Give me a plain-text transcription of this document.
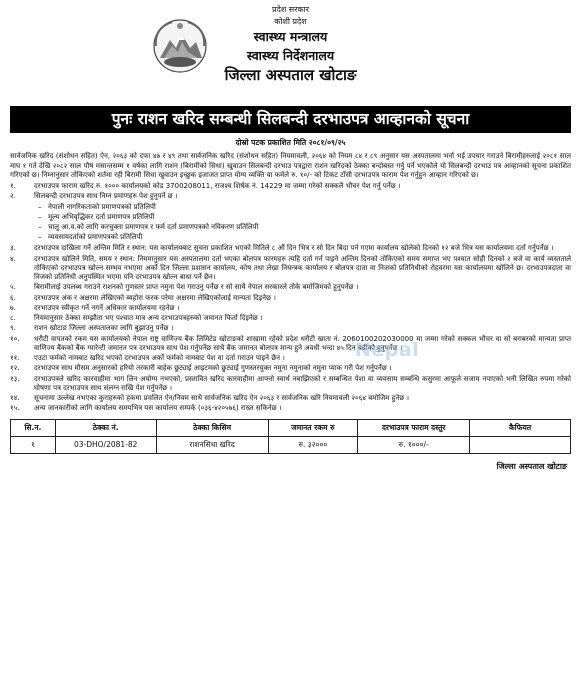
प्रदेश सरकार
कोशी प्रदेश
स्वास्थ्य मन्त्रालय
स्वास्थ्य निर्देशनालय
जिल्ला अस्पताल खोटाङ
पुनः राशन खरिद सम्बन्धी सिलबन्दी दरभाउपत्र आव्हानको सूचना
दोस्रो पटक प्रकाशित मिति २०८१/०९/२५
सार्वजनिक खरिद (संशोधन सहित) ऐन, २०६३ को दफा ४७ र ४९ तथा सार्वजनिक खरिद (संशोधन सहित) नियमावली, २०६४ को नियम ८४ र ८९ अनुसार यस अस्पतालमा भर्ना भई उपचार गराउने बिरामीहरुलाई २०८१ साल माघ १ गते देखि २०८२ साल पौष मसान्तसम्म १ वर्षका लागि राशन (बिरामीको सिधा) खुवाउन सिलबन्दी दरभाउ पत्रद्वारा राशन खरिदको ठेक्का बन्दोबस्त गर्नु पर्ने भएकोले यो सिलबन्दी दरभाउ पत्र आव्हानको सूचना प्रकाशित गरिएको छ। निम्नानुसार तोकिएको शर्तमा रही बिरामी सिधा खुवाउन इच्छुक इजाजत प्राप्त योग्य व्यक्ति वा फर्मले रु. १०/- को टिकट टाँसी दरभाउपत्र फाराम पेश गर्नुहुन आव्हान गरिएको छ।
१.	दरभाउपत्र फाराम खरिद रु. १००० कार्यालयको कोड 3700208011, राजश्व शिर्षक नं. 14229 मा जम्मा गरेको सक्कलै भौचर पेश गर्नु पर्नेछ ।
२.	सिलबन्दी दरभाउपत्र साथ निम्न प्रमाणहरु पेश हुनुपर्ने छ ।
– नेपाली नागरिकताको प्रमाणपत्रको प्रतिलिपी
– मूल्य अभिवृद्धिकर दर्ता प्रमाणपत्र प्रतिलिपी
– चालु आ.व.को लागि करचुक्ता प्रमाणपत्र र फर्म दर्ता प्रमाणपत्रको नविकरण प्रतिलिपी
– व्यवसायदर्ताको प्रमाणपत्रको प्रतिलिपी
३.	दरभाउपत्र दाखिला गर्ने अन्तिम मिति र स्थान: यस कार्यालयबाट सुचना प्रकाशित भएको मितिले ८ औं दिन भित्र र सो दिन बिदा पर्न गएमा कार्यालय खोलेको दिनको १२ बजे भित्र यस कार्यालयमा दर्ता गर्नुपर्नेछ ।
४.	दरभाउपत्र खोलिने मिति, समय र स्थान: नियमानुसार यस अस्पतालमा दर्ता भएका बोलपत्र फारमहरु त्यहि दर्ता गर्न पाइने अन्तिम दिनको तोकिएको समय समाप्त भए पश्चात सोही दिनको २ बजे वा कार्य व्यस्तताले तोकिएको दरभाउपत्र खोल्न सम्भव नभएमा अर्को दिन जिल्ला प्रशासन कार्यालय, कोष तथा लेखा नियन्त्रक कार्यालय र बोलपत्र दाता वा निजको प्रतिनिधीको रोहवरमा यस कार्यालयमा खोलिने छ। दरभाउपत्रदाता वा निजको प्रतिनिधी अनुपस्थित भएमा पनि दरभाउपत्र खोल्न बाधा पर्ने छैन।
५.	बिरामीलाई उपलब्ध गराउने राशनको गुणस्तर प्राप्त नमुना पेश गराउनु पर्नेछ र सो साथै नेपाल सरकारले तोके बमोजिमको हुनुपर्नेछ ।
६.	दरभाउपत्र अंक र अक्षरमा लेखिएको ब्यहोरा फरक परेमा अक्षरमा लेखिएकोलाई मान्यता दिइनेछ ।
७.	दरभाउपत्र स्वीकृत गर्ने नगर्ने अधिकार कार्यालयमा रहनेछ ।
८.	नियमानुसार ठेक्का सम्झौता भए पश्चात मात्र अन्य दरभाउपत्रहरुको जमानत फिर्ता दिइनेछ ।
९.	राशन खोटाङ जिल्ला अस्पतालका लागि बुझाउनु पर्नेछ ।
१०.	धरौटी वापतको रकम यस कार्यालयको नेपाल राष्ट्र वाणिज्य बैंक लिमिटेड खोटाङको शाखामा रहेको प्रदेश धरौटी खाता नं. 2060100202030000 मा जम्मा गरेको सक्कल भौचर वा सो बराबरको मान्यता प्राप्त वाणिज्य बैंकको बैंक ग्यारेन्टी जमानत पत्र दरभाउपत्र साथ पेश गर्नुपर्नेछ साथै बैंक जमानत बोलपत्र मान्य हुने अवधी भन्दा ४५ दिन बढीको हुनुपर्नेछ ।
११.	एउटा फर्मको नामबाट खरिद भएको दरभाउपत्र अर्को फर्मको नामबाट पेश वा दर्ता गराउन पाइने छैन ।
१२.	दरभाउपत्र साथ मौसम अनुसारको हरियो तरकारी बाहेक छुट्याई आइटमको छुट्याई गुणस्तरयुक्त नमुना नमुनाको नमुना प्याक गरी पेश गर्नुपर्नेछ ।
१३.	दरभाउपत्रले खरिद कारवाहीमा भाग लिन अयोग्य नभएको, प्रस्तावित खरिद कारवाहीमा आफ्नो स्वार्थ नबाझिएको र सम्बन्धित पेशा वा व्यवसाय सम्बन्धि कसुरमा आफूले सजाय नपाएको भनी लिखित रुपमा गरेको घोषणा पत्र दरभाउपत्र साथ संलग्न राखि पेश गर्नुपर्नेछ ।
१४.	सूचनामा उल्लेख नभएका कुराहरुको हकमा प्रचलित ऐन/नियम साथै सार्वजनिक खरिद ऐन २०६३ र सार्वजनिक खरि नियमावली २०६४ बमोजिम हुनेछ ।
१५.	अन्य जानकारीको लागि कार्यालय समयभित्र यस कार्यालय सम्पर्क (०३६-४२०५७६) राख्न सकिनेछ ।
सि.न.	ठेक्का नं.	ठेक्का किसिम	जमानत रकम रु	दरभाउपत्र फाराम दस्तुर	कैफियत
१	03-DHO/2081-82	राशनसिधा खरिद	रु. ३२०००	रु. १०००/-	
जिल्ला अस्पताल खोटाङ
Nepal
